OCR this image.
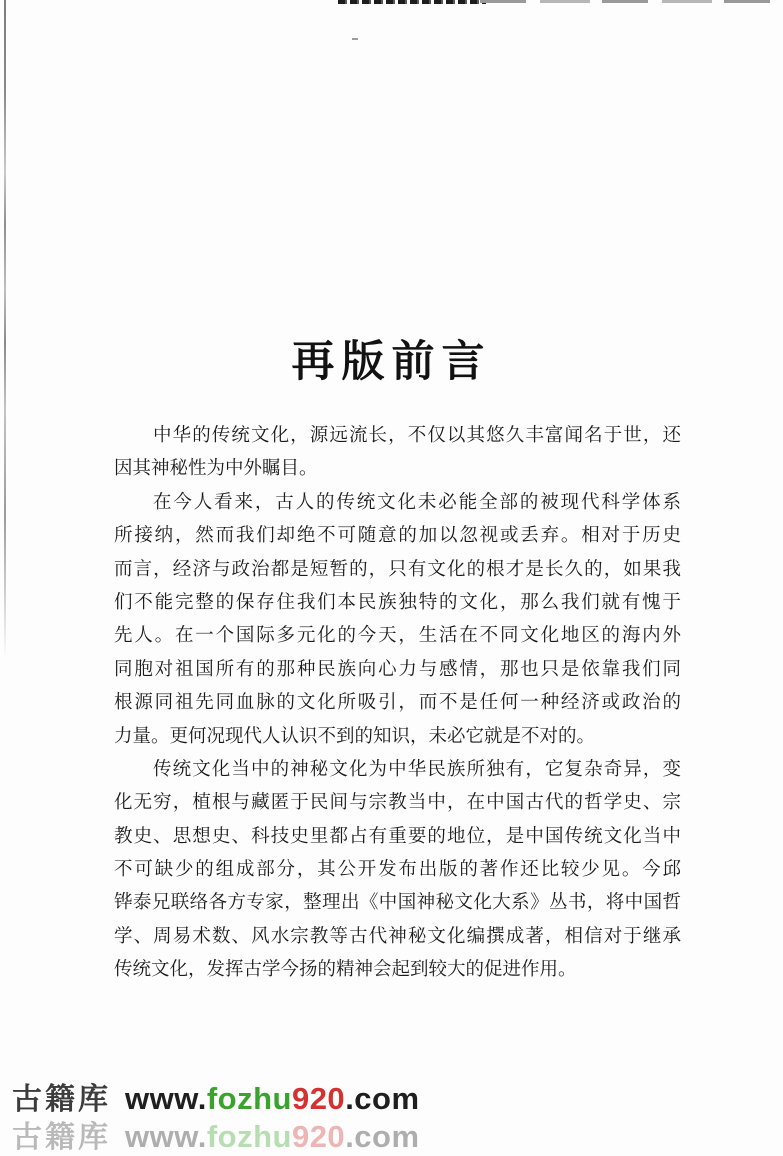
再版前言
中华的传统文化，源远流长，不仅以其悠久丰富闻名于世，还
因其神秘性为中外瞩目。
在今人看来，古人的传统文化未必能全部的被现代科学体系
所接纳，然而我们却绝不可随意的加以忽视或丢弃。相对于历史
而言，经济与政治都是短暂的，只有文化的根才是长久的，如果我
们不能完整的保存住我们本民族独特的文化，那么我们就有愧于
先人。在一个国际多元化的今天，生活在不同文化地区的海内外
同胞对祖国所有的那种民族向心力与感情，那也只是依靠我们同
根源同祖先同血脉的文化所吸引，而不是任何一种经济或政治的
力量。更何况现代人认识不到的知识，未必它就是不对的。
传统文化当中的神秘文化为中华民族所独有，它复杂奇异，变
化无穷，植根与藏匿于民间与宗教当中，在中国古代的哲学史、宗
教史、思想史、科技史里都占有重要的地位，是中国传统文化当中
不可缺少的组成部分，其公开发布出版的著作还比较少见。今邱
铧泰兄联络各方专家，整理出《中国神秘文化大系》丛书，将中国哲
学、周易术数、风水宗教等古代神秘文化编撰成著，相信对于继承
传统文化，发挥古学今扬的精神会起到较大的促进作用。
古籍库 www.fozhu920.com
古籍库 www.fozhu920.com
